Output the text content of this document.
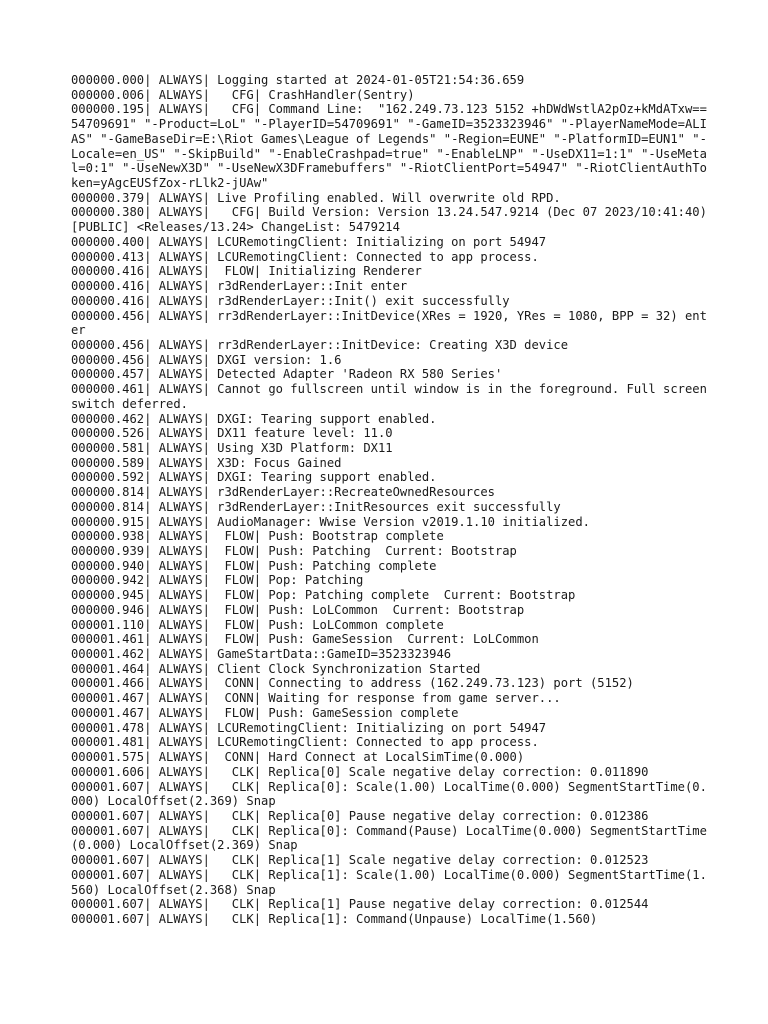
000000.000| ALWAYS| Logging started at 2024-01-05T21:54:36.659

000000.006| ALWAYS|   CFG| CrashHandler(Sentry)

000000.195| ALWAYS|   CFG| Command Line:  "162.249.73.123 5152 +hDWdWstlA2pOz+kMdATxw== 54709691" "-Product=LoL" "-PlayerID=54709691" "-GameID=3523323946" "-PlayerNameMode=ALIAS" "-GameBaseDir=E:\Riot Games\League of Legends" "-Region=EUNE" "-PlatformID=EUN1" "-Locale=en_US" "-SkipBuild" "-EnableCrashpad=true" "-EnableLNP" "-UseDX11=1:1" "-UseMetal=0:1" "-UseNewX3D" "-UseNewX3DFramebuffers" "-RiotClientPort=54947" "-RiotClientAuthToken=yAgcEUSfZox-rLlk2-jUAw"

000000.379| ALWAYS| Live Profiling enabled. Will overwrite old RPD.

000000.380| ALWAYS|   CFG| Build Version: Version 13.24.547.9214 (Dec 07 2023/10:41:40) [PUBLIC] <Releases/13.24> ChangeList: 5479214

000000.400| ALWAYS| LCURemotingClient: Initializing on port 54947

000000.413| ALWAYS| LCURemotingClient: Connected to app process.

000000.416| ALWAYS|  FLOW| Initializing Renderer

000000.416| ALWAYS| r3dRenderLayer::Init enter

000000.416| ALWAYS| r3dRenderLayer::Init() exit successfully

000000.456| ALWAYS| rr3dRenderLayer::InitDevice(XRes = 1920, YRes = 1080, BPP = 32) enter

000000.456| ALWAYS| rr3dRenderLayer::InitDevice: Creating X3D device

000000.456| ALWAYS| DXGI version: 1.6

000000.457| ALWAYS| Detected Adapter 'Radeon RX 580 Series'

000000.461| ALWAYS| Cannot go fullscreen until window is in the foreground. Full screen switch deferred.

000000.462| ALWAYS| DXGI: Tearing support enabled.

000000.526| ALWAYS| DX11 feature level: 11.0

000000.581| ALWAYS| Using X3D Platform: DX11

000000.589| ALWAYS| X3D: Focus Gained

000000.592| ALWAYS| DXGI: Tearing support enabled.

000000.814| ALWAYS| r3dRenderLayer::RecreateOwnedResources

000000.814| ALWAYS| r3dRenderLayer::InitResources exit successfully

000000.915| ALWAYS| AudioManager: Wwise Version v2019.1.10 initialized.

000000.938| ALWAYS|  FLOW| Push: Bootstrap complete

000000.939| ALWAYS|  FLOW| Push: Patching  Current: Bootstrap

000000.940| ALWAYS|  FLOW| Push: Patching complete

000000.942| ALWAYS|  FLOW| Pop: Patching

000000.945| ALWAYS|  FLOW| Pop: Patching complete  Current: Bootstrap

000000.946| ALWAYS|  FLOW| Push: LoLCommon  Current: Bootstrap

000001.110| ALWAYS|  FLOW| Push: LoLCommon complete

000001.461| ALWAYS|  FLOW| Push: GameSession  Current: LoLCommon

000001.462| ALWAYS| GameStartData::GameID=3523323946

000001.464| ALWAYS| Client Clock Synchronization Started

000001.466| ALWAYS|  CONN| Connecting to address (162.249.73.123) port (5152)

000001.467| ALWAYS|  CONN| Waiting for response from game server...

000001.467| ALWAYS|  FLOW| Push: GameSession complete

000001.478| ALWAYS| LCURemotingClient: Initializing on port 54947

000001.481| ALWAYS| LCURemotingClient: Connected to app process.

000001.575| ALWAYS|  CONN| Hard Connect at LocalSimTime(0.000)

000001.606| ALWAYS|   CLK| Replica[0] Scale negative delay correction: 0.011890

000001.607| ALWAYS|   CLK| Replica[0]: Scale(1.00) LocalTime(0.000) SegmentStartTime(0.000) LocalOffset(2.369) Snap

000001.607| ALWAYS|   CLK| Replica[0] Pause negative delay correction: 0.012386

000001.607| ALWAYS|   CLK| Replica[0]: Command(Pause) LocalTime(0.000) SegmentStartTime(0.000) LocalOffset(2.369) Snap

000001.607| ALWAYS|   CLK| Replica[1] Scale negative delay correction: 0.012523

000001.607| ALWAYS|   CLK| Replica[1]: Scale(1.00) LocalTime(0.000) SegmentStartTime(1.560) LocalOffset(2.368) Snap

000001.607| ALWAYS|   CLK| Replica[1] Pause negative delay correction: 0.012544

000001.607| ALWAYS|   CLK| Replica[1]: Command(Unpause) LocalTime(1.560)
